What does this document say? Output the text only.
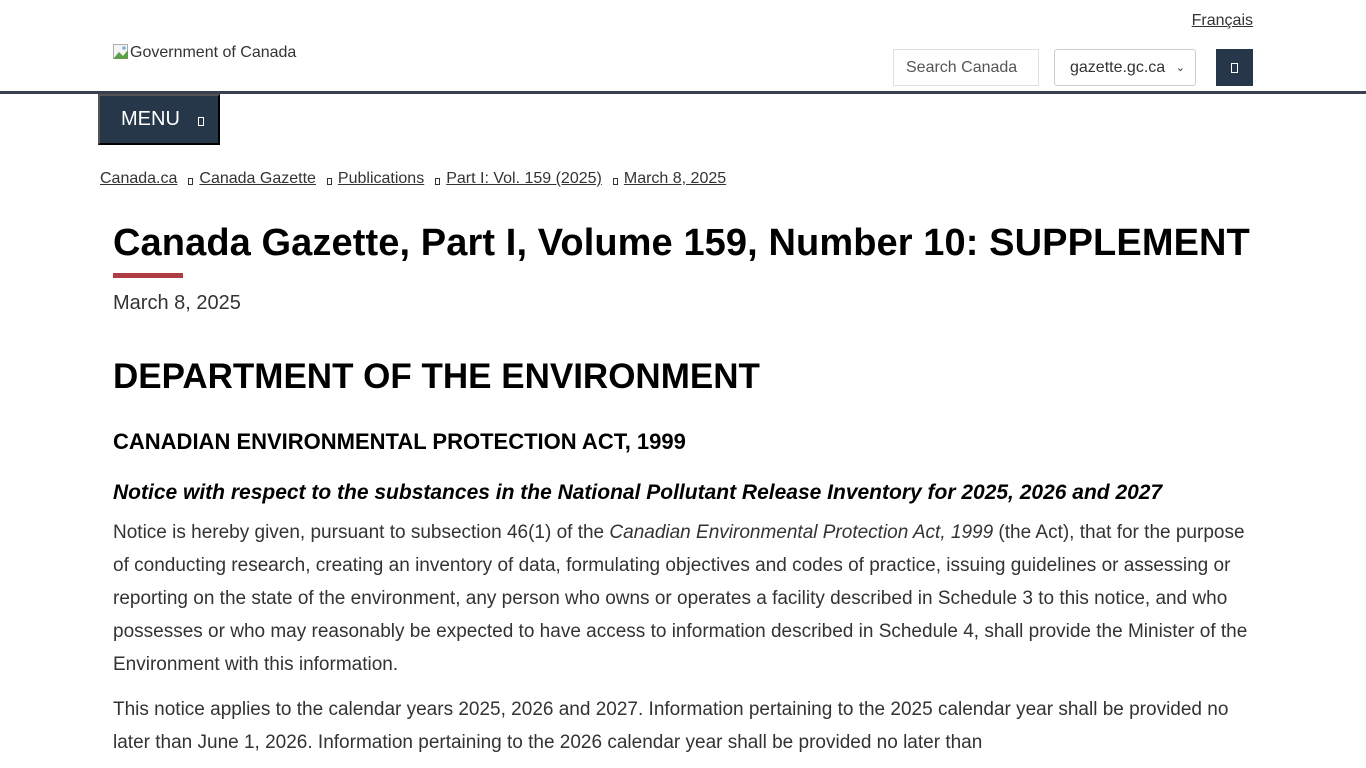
Français
Government of Canada
Search Canada
gazette.gc.ca ⌄
MENU
Canada.ca Canada Gazette Publications Part I: Vol. 159 (2025) March 8, 2025
Canada Gazette, Part I, Volume 159, Number 10: SUPPLEMENT

March 8, 2025

DEPARTMENT OF THE ENVIRONMENT
CANADIAN ENVIRONMENTAL PROTECTION ACT, 1999
Notice with respect to the substances in the National Pollutant Release Inventory for 2025, 2026 and 2027

Notice is hereby given, pursuant to subsection 46(1) of the Canadian Environmental Protection Act, 1999 (the Act), that for the purpose of conducting research, creating an inventory of data, formulating objectives and codes of practice, issuing guidelines or assessing or reporting on the state of the environment, any person who owns or operates a facility described in Schedule 3 to this notice, and who possesses or who may reasonably be expected to have access to information described in Schedule 4, shall provide the Minister of the Environment with this information.

This notice applies to the calendar years 2025, 2026 and 2027. Information pertaining to the 2025 calendar year shall be provided no later than June 1, 2026. Information pertaining to the 2026 calendar year shall be provided no later than
